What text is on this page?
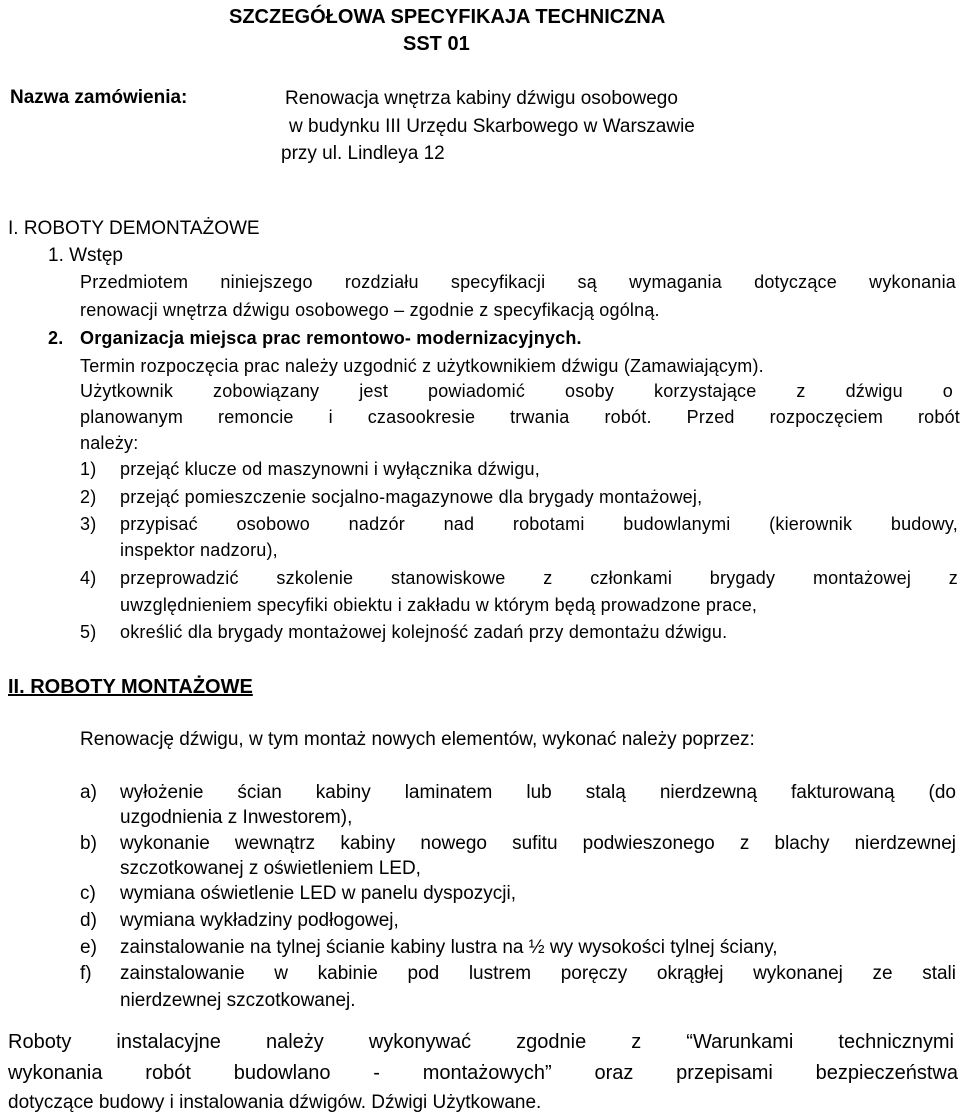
SZCZEGÓŁOWA SPECYFIKAJA TECHNICZNA
SST 01
Nazwa zamówienia:	Renowacja wnętrza kabiny dźwigu osobowego
w budynku III Urzędu Skarbowego w Warszawie
przy ul. Lindleya 12
I. ROBOTY DEMONTAŻOWE
1. Wstęp
Przedmiotem niniejszego rozdziału specyfikacji są wymagania dotyczące wykonania
renowacji wnętrza dźwigu osobowego – zgodnie z specyfikacją ogólną.
2. Organizacja miejsca prac remontowo- modernizacyjnych.
Termin rozpoczęcia prac należy uzgodnić z użytkownikiem dźwigu (Zamawiającym).
Użytkownik zobowiązany jest powiadomić osoby korzystające z dźwigu o
planowanym remoncie i czasookresie trwania robót. Przed rozpoczęciem robót
należy:
1) przejąć klucze od maszynowni i wyłącznika dźwigu,
2) przejąć pomieszczenie socjalno-magazynowe dla brygady montażowej,
3) przypisać osobowo nadzór nad robotami budowlanymi (kierownik budowy,
inspektor nadzoru),
4) przeprowadzić szkolenie stanowiskowe z członkami brygady montażowej z
uwzględnieniem specyfiki obiektu i zakładu w którym będą prowadzone prace,
5) określić dla brygady montażowej kolejność zadań przy demontażu dźwigu.
II. ROBOTY MONTAŻOWE
Renowację dźwigu, w tym montaż nowych elementów, wykonać należy poprzez:
a) wyłożenie ścian kabiny laminatem lub stalą nierdzewną fakturowaną (do
uzgodnienia z Inwestorem),
b) wykonanie wewnątrz kabiny nowego sufitu podwieszonego z blachy nierdzewnej
szczotkowanej z oświetleniem LED,
c) wymiana oświetlenie LED w panelu dyspozycji,
d) wymiana wykładziny podłogowej,
e) zainstalowanie na tylnej ścianie kabiny lustra na ½ wy wysokości tylnej ściany,
f) zainstalowanie w kabinie pod lustrem poręczy okrągłej wykonanej ze stali
nierdzewnej szczotkowanej.
Roboty instalacyjne należy wykonywać zgodnie z “Warunkami technicznymi
wykonania robót budowlano - montażowych” oraz przepisami bezpieczeństwa
dotyczące budowy i instalowania dźwigów. Dźwigi Użytkowane.
